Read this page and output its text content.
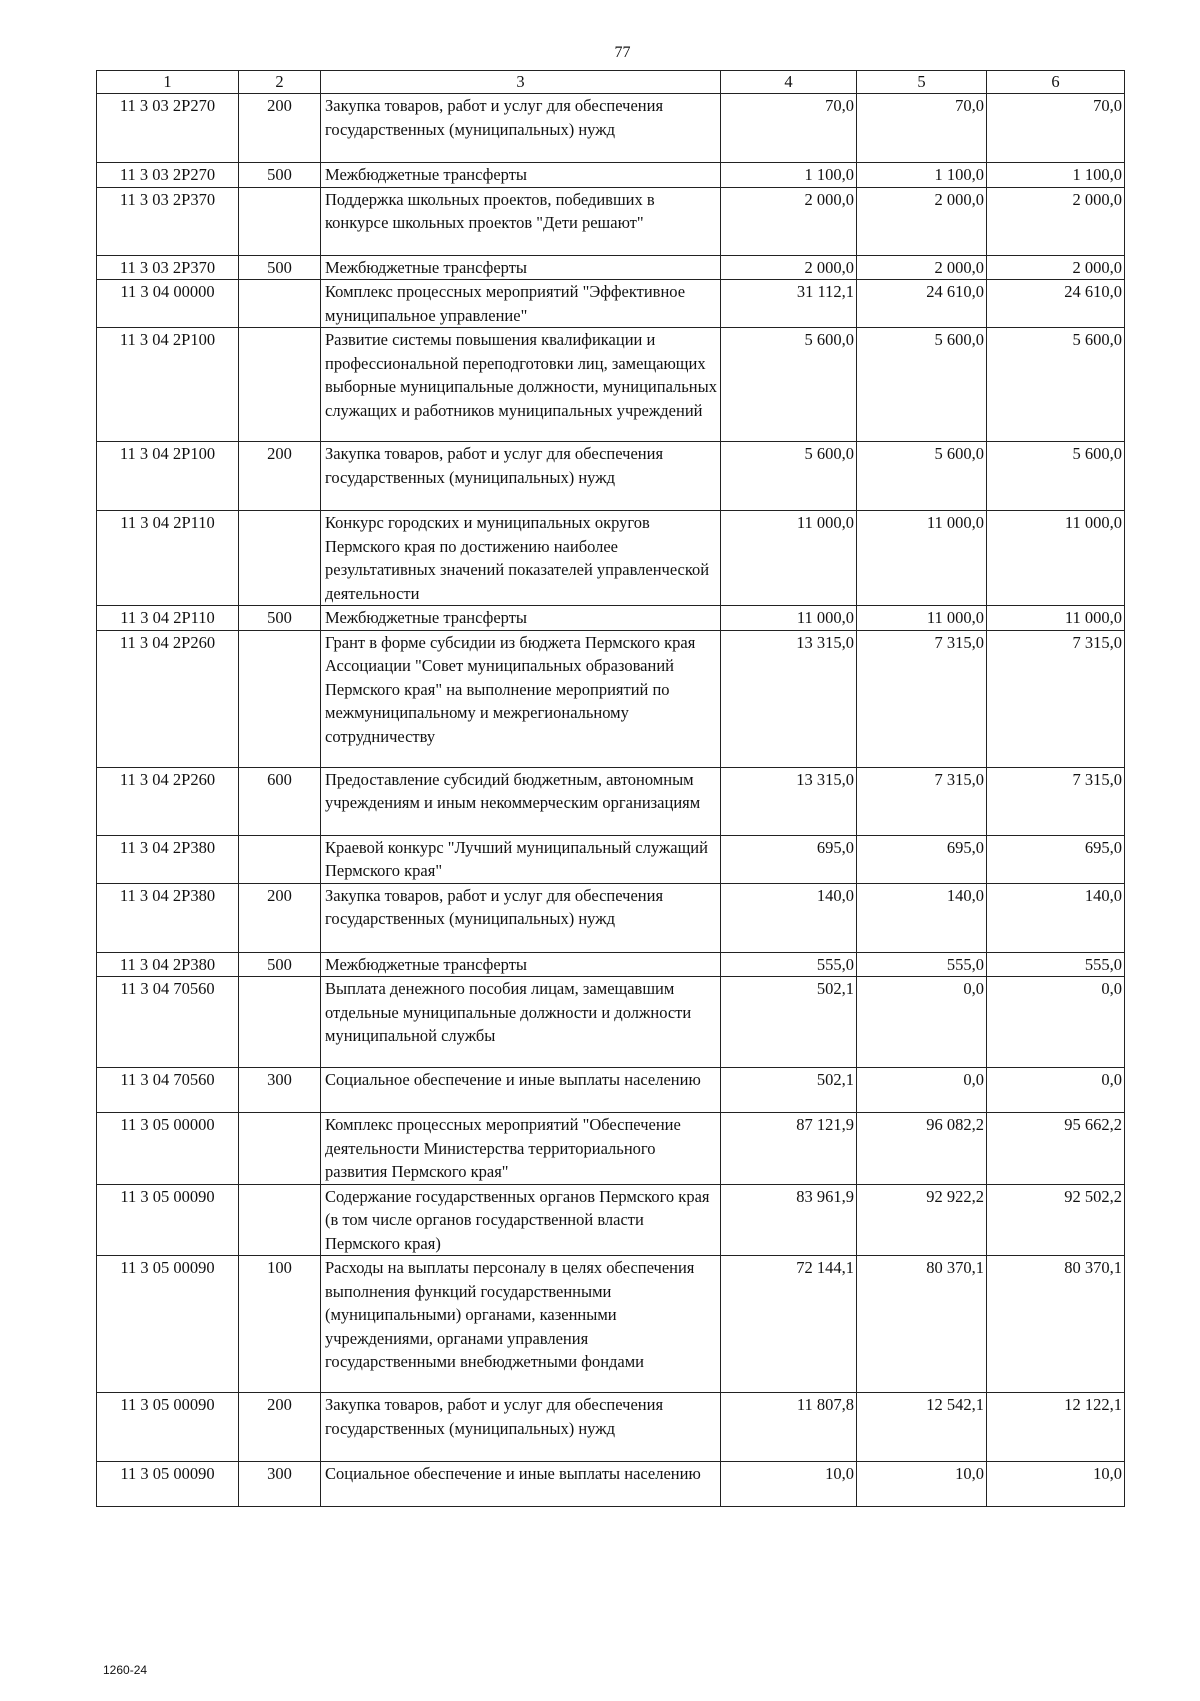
77
1	2	3	4	5	6
11 3 03 2Р270	200	Закупка товаров, работ и услуг для обеспечения государственных (муниципальных) нужд	70,0	70,0	70,0
11 3 03 2Р270	500	Межбюджетные трансферты	1 100,0	1 100,0	1 100,0
11 3 03 2Р370		Поддержка школьных проектов, победивших в конкурсе школьных проектов "Дети решают"	2 000,0	2 000,0	2 000,0
11 3 03 2Р370	500	Межбюджетные трансферты	2 000,0	2 000,0	2 000,0
11 3 04 00000		Комплекс процессных мероприятий "Эффективное муниципальное управление"	31 112,1	24 610,0	24 610,0
11 3 04 2Р100		Развитие системы повышения квалификации и профессиональной переподготовки лиц, замещающих выборные муниципальные должности, муниципальных служащих и работников муниципальных учреждений	5 600,0	5 600,0	5 600,0
11 3 04 2Р100	200	Закупка товаров, работ и услуг для обеспечения государственных (муниципальных) нужд	5 600,0	5 600,0	5 600,0
11 3 04 2Р110		Конкурс городских и муниципальных округов Пермского края по достижению наиболее результативных значений показателей управленческой деятельности	11 000,0	11 000,0	11 000,0
11 3 04 2Р110	500	Межбюджетные трансферты	11 000,0	11 000,0	11 000,0
11 3 04 2Р260		Грант в форме субсидии из бюджета Пермского края Ассоциации "Совет муниципальных образований Пермского края" на выполнение мероприятий по межмуниципальному и межрегиональному сотрудничеству	13 315,0	7 315,0	7 315,0
11 3 04 2Р260	600	Предоставление субсидий бюджетным, автономным учреждениям и иным некоммерческим организациям	13 315,0	7 315,0	7 315,0
11 3 04 2Р380		Краевой конкурс "Лучший муниципальный служащий Пермского края"	695,0	695,0	695,0
11 3 04 2Р380	200	Закупка товаров, работ и услуг для обеспечения государственных (муниципальных) нужд	140,0	140,0	140,0
11 3 04 2Р380	500	Межбюджетные трансферты	555,0	555,0	555,0
11 3 04 70560		Выплата денежного пособия лицам, замещавшим отдельные муниципальные должности и должности муниципальной службы	502,1	0,0	0,0
11 3 04 70560	300	Социальное обеспечение и иные выплаты населению	502,1	0,0	0,0
11 3 05 00000		Комплекс процессных мероприятий "Обеспечение деятельности Министерства территориального развития Пермского края"	87 121,9	96 082,2	95 662,2
11 3 05 00090		Содержание государственных органов Пермского края (в том числе органов государственной власти Пермского края)	83 961,9	92 922,2	92 502,2
11 3 05 00090	100	Расходы на выплаты персоналу в целях обеспечения выполнения функций государственными (муниципальными) органами, казенными учреждениями, органами управления государственными внебюджетными фондами	72 144,1	80 370,1	80 370,1
11 3 05 00090	200	Закупка товаров, работ и услуг для обеспечения государственных (муниципальных) нужд	11 807,8	12 542,1	12 122,1
11 3 05 00090	300	Социальное обеспечение и иные выплаты населению	10,0	10,0	10,0
1260-24
